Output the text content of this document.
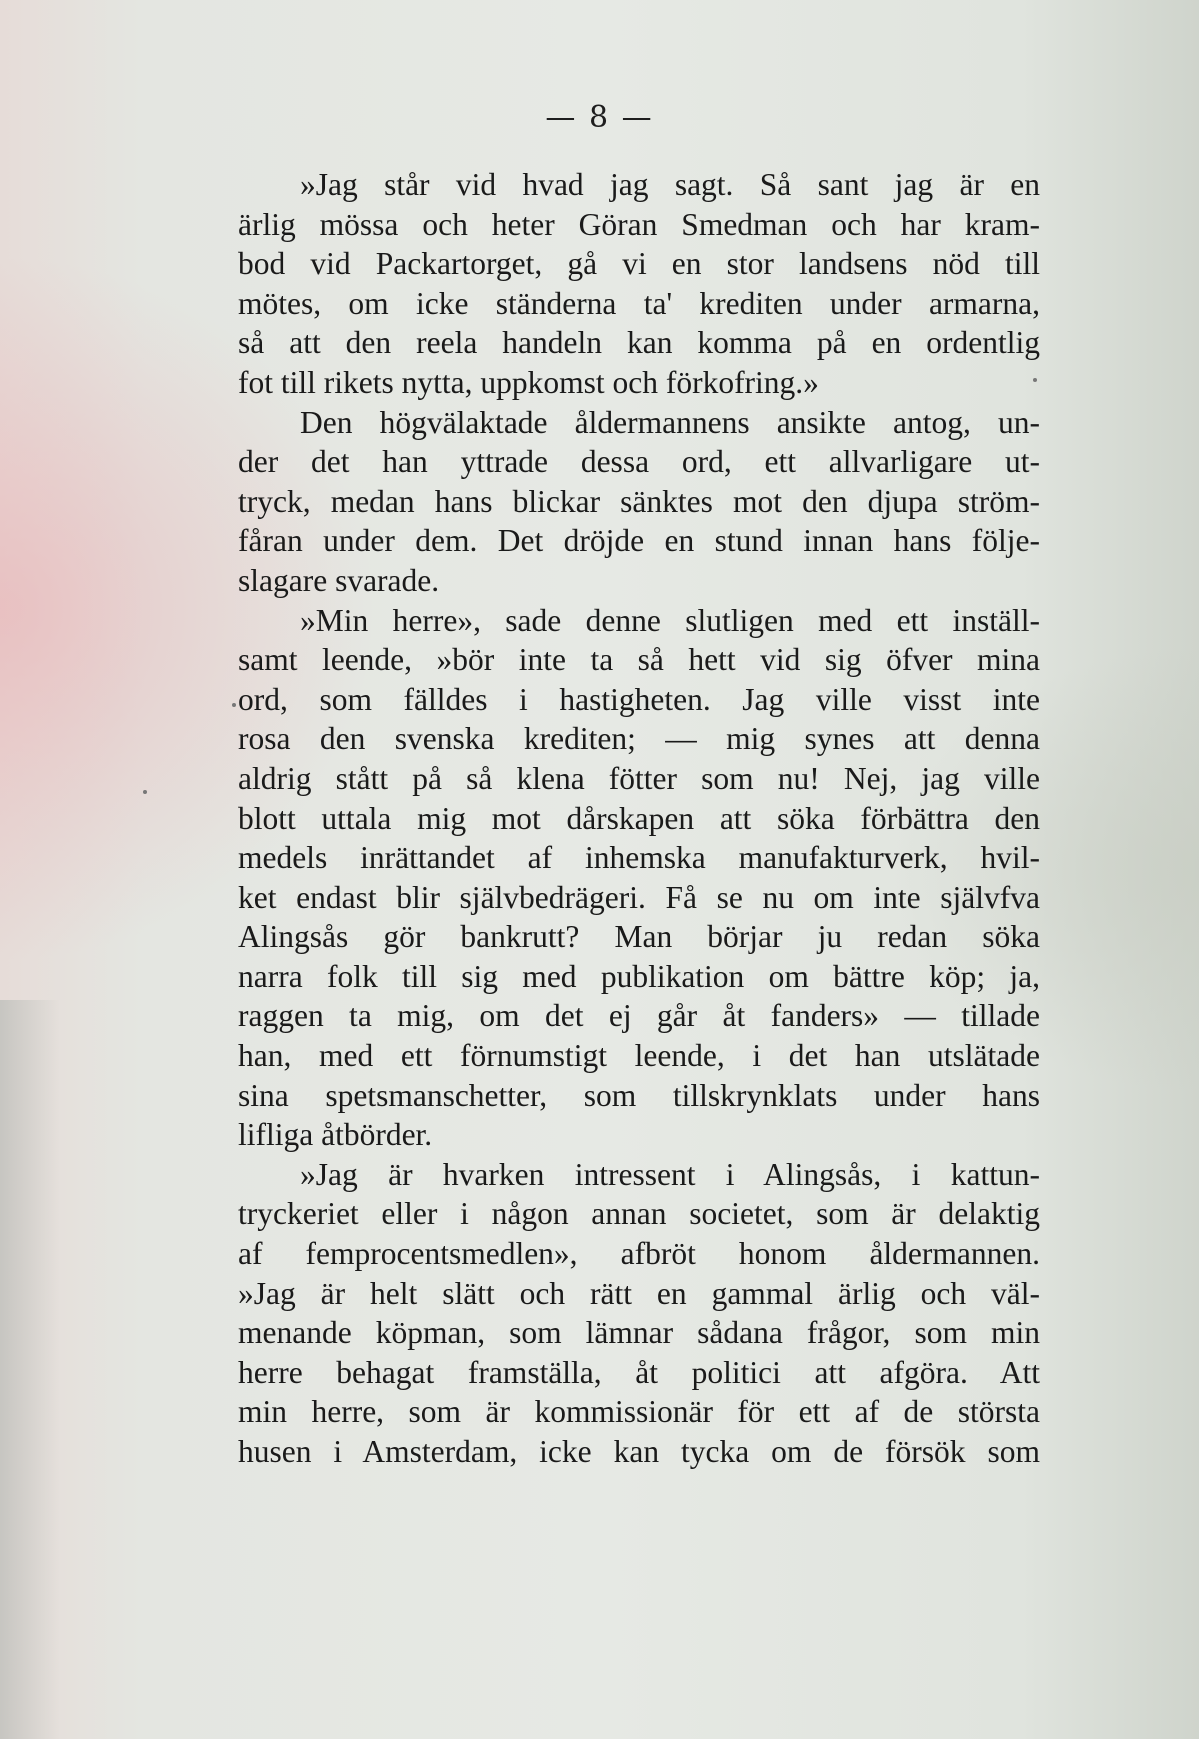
— 8 —
»Jag står vid hvad jag sagt. Så sant jag är en
ärlig mössa och heter Göran Smedman och har kram-
bod vid Packartorget, gå vi en stor landsens nöd till
mötes, om icke ständerna ta' krediten under armarna,
så att den reela handeln kan komma på en ordentlig
fot till rikets nytta, uppkomst och förkofring.»
Den högvälaktade åldermannens ansikte antog, un-
der det han yttrade dessa ord, ett allvarligare ut-
tryck, medan hans blickar sänktes mot den djupa ström-
fåran under dem. Det dröjde en stund innan hans följe-
slagare svarade.
»Min herre», sade denne slutligen med ett inställ-
samt leende, »bör inte ta så hett vid sig öfver mina
ord, som fälldes i hastigheten. Jag ville visst inte
rosa den svenska krediten; — mig synes att denna
aldrig stått på så klena fötter som nu! Nej, jag ville
blott uttala mig mot dårskapen att söka förbättra den
medels inrättandet af inhemska manufakturverk, hvil-
ket endast blir självbedrägeri. Få se nu om inte självfva
Alingsås gör bankrutt? Man börjar ju redan söka
narra folk till sig med publikation om bättre köp; ja,
raggen ta mig, om det ej går åt fanders» — tillade
han, med ett förnumstigt leende, i det han utslätade
sina spetsmanschetter, som tillskrynklats under hans
lifliga åtbörder.
»Jag är hvarken intressent i Alingsås, i kattun-
tryckeriet eller i någon annan societet, som är delaktig
af femprocentsmedlen», afbröt honom åldermannen.
»Jag är helt slätt och rätt en gammal ärlig och väl-
menande köpman, som lämnar sådana frågor, som min
herre behagat framställa, åt politici att afgöra. Att
min herre, som är kommissionär för ett af de största
husen i Amsterdam, icke kan tycka om de försök som
